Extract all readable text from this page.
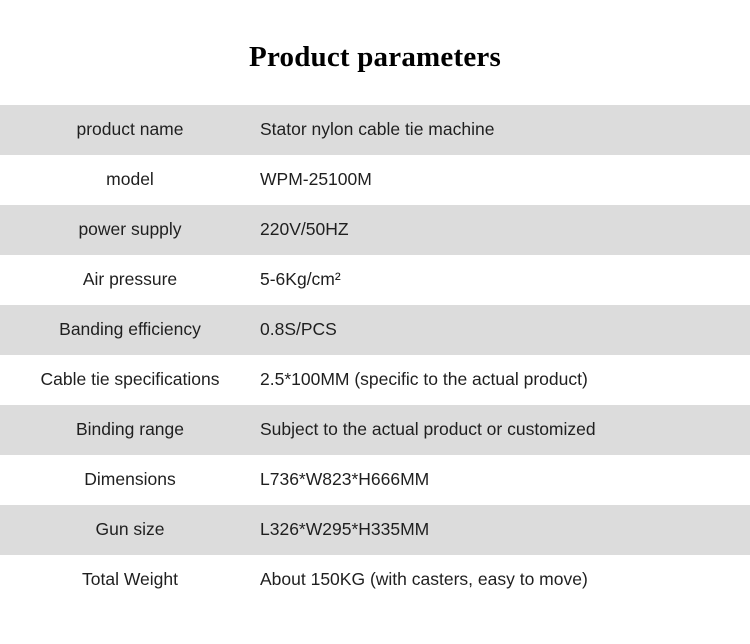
Product parameters
product name	Stator nylon cable tie machine
model	WPM-25100M
power supply	220V/50HZ
Air pressure	5-6Kg/cm²
Banding efficiency	0.8S/PCS
Cable tie specifications	2.5*100MM (specific to the actual product)
Binding range	Subject to the actual product or customized
Dimensions	L736*W823*H666MM
Gun size	L326*W295*H335MM
Total Weight	About 150KG (with casters, easy to move)
